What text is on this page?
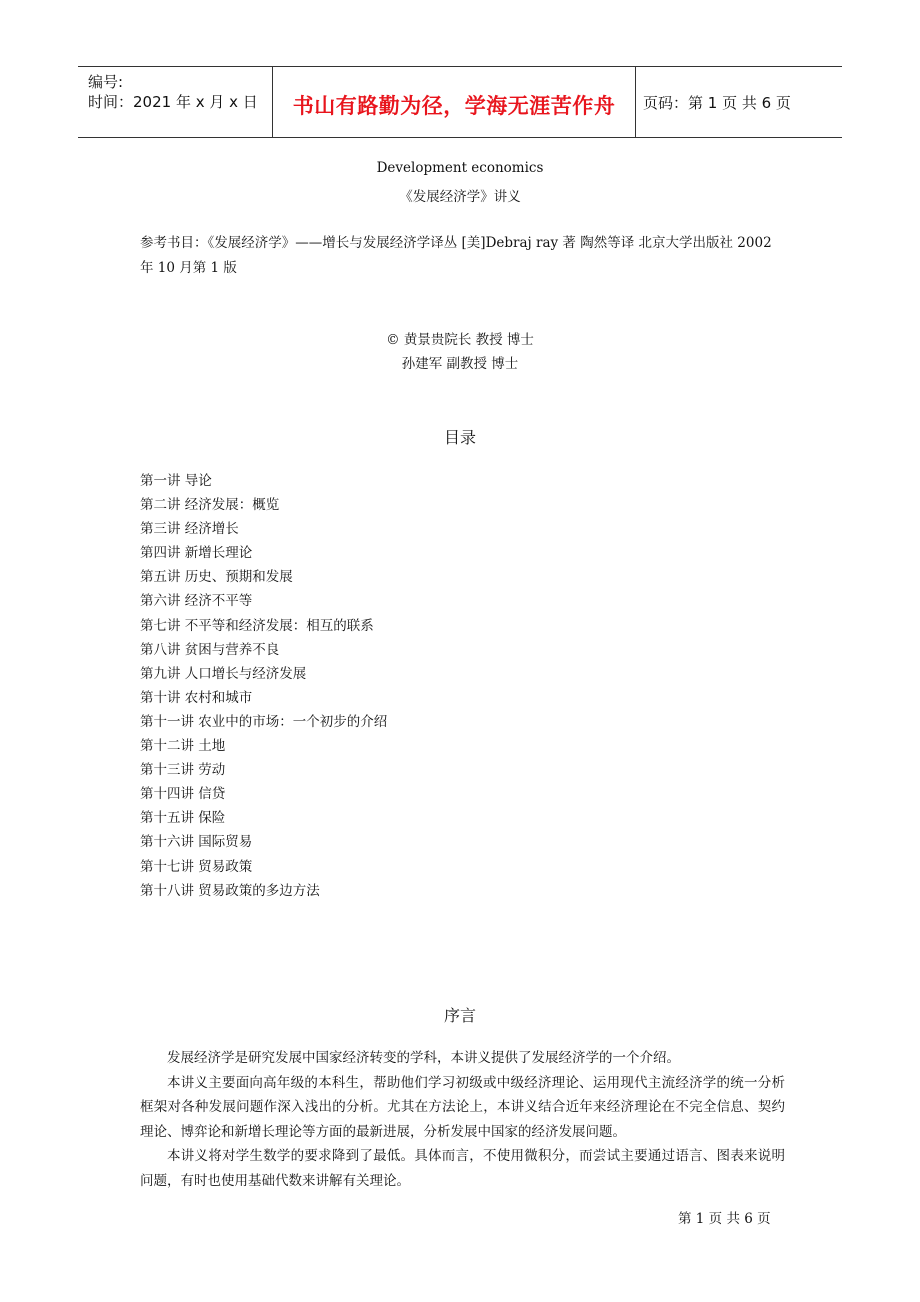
编号:
时间：2021 年 x 月 x 日	书山有路勤为径，学海无涯苦作舟	页码：第 1 页 共 6 页
Development economics
《发展经济学》讲义
参考书目：《发展经济学》——增长与发展经济学译丛 [美]Debraj ray 著 陶然等译 北京大学出版社 2002 年 10 月第 1 版
© 黄景贵院长 教授 博士
孙建军 副教授 博士
目录
第一讲 导论
第二讲 经济发展：概览
第三讲 经济增长
第四讲 新增长理论
第五讲 历史、预期和发展
第六讲 经济不平等
第七讲 不平等和经济发展：相互的联系
第八讲 贫困与营养不良
第九讲 人口增长与经济发展
第十讲 农村和城市
第十一讲 农业中的市场：一个初步的介绍
第十二讲 土地
第十三讲 劳动
第十四讲 信贷
第十五讲 保险
第十六讲 国际贸易
第十七讲 贸易政策
第十八讲 贸易政策的多边方法
序言

发展经济学是研究发展中国家经济转变的学科，本讲义提供了发展经济学的一个介绍。

本讲义主要面向高年级的本科生，帮助他们学习初级或中级经济理论、运用现代主流经济学的统一分析框架对各种发展问题作深入浅出的分析。尤其在方法论上，本讲义结合近年来经济理论在不完全信息、契约理论、博弈论和新增长理论等方面的最新进展，分析发展中国家的经济发展问题。

本讲义将对学生数学的要求降到了最低。具体而言，不使用微积分，而尝试主要通过语言、图表来说明问题，有时也使用基础代数来讲解有关理论。

第 1 页 共 6 页
